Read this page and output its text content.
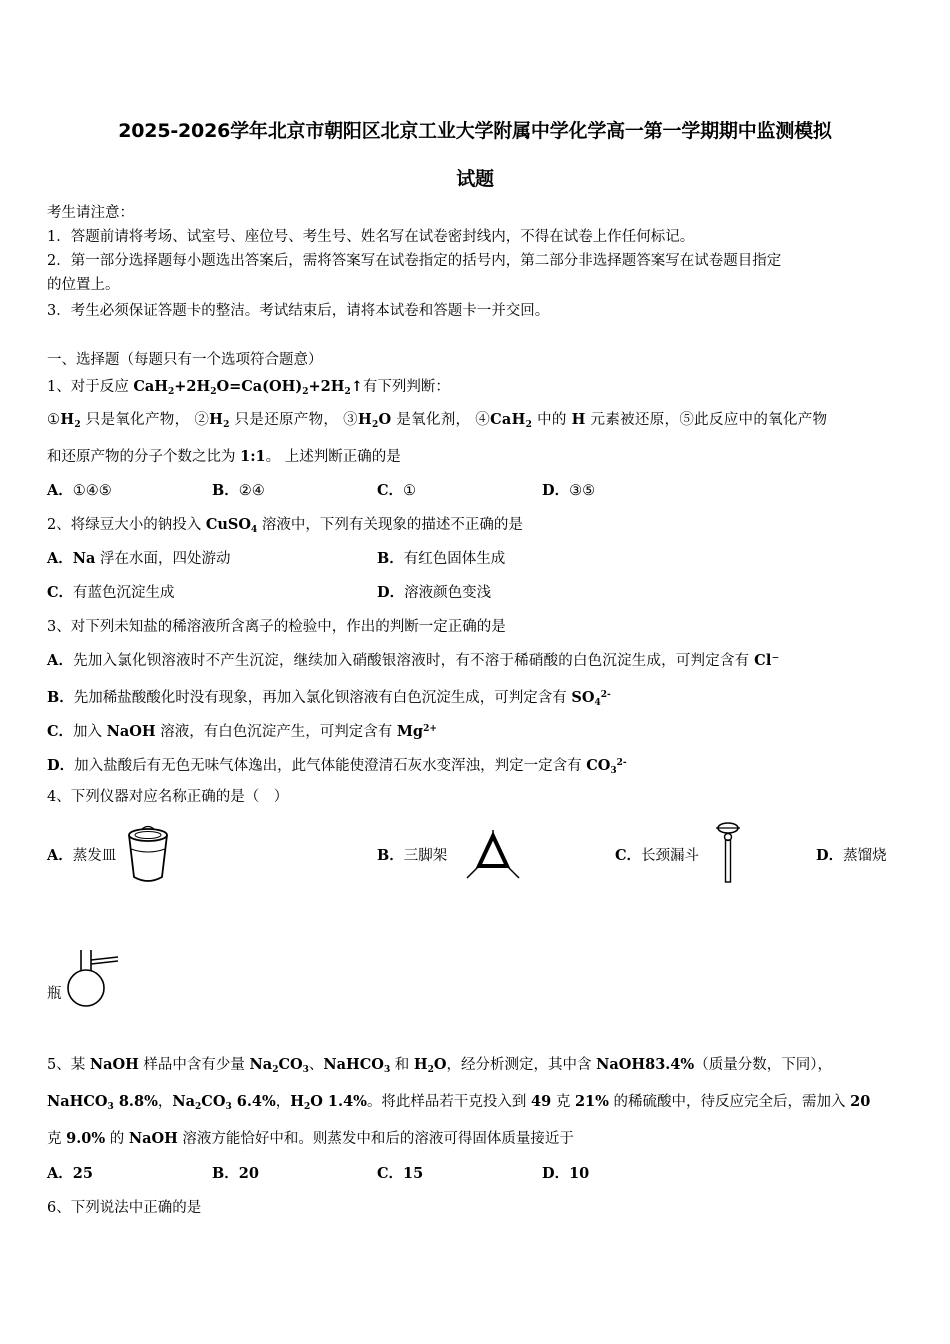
2025-2026学年北京市朝阳区北京工业大学附属中学化学高一第一学期期中监测模拟
试题
考生请注意：
1．答题前请将考场、试室号、座位号、考生号、姓名写在试卷密封线内，不得在试卷上作任何标记。
2．第一部分选择题每小题选出答案后，需将答案写在试卷指定的括号内，第二部分非选择题答案写在试卷题目指定
的位置上。
3．考生必须保证答题卡的整洁。考试结束后，请将本试卷和答题卡一并交回。
一、选择题（每题只有一个选项符合题意）
1、对于反应 $CaH_2+2H_2O=Ca(OH)_2+2H_2↑$有下列判断：
$①H_2$ 只是氧化产物， $②H_2$ 只是还原产物， $③H_2O$ 是氧化剂， ④CaH$_2$ 中的 H 元素被还原，⑤此反应中的氧化产物
和还原产物的分子个数之比为 1:1。 上述判断正确的是
A．①④⑤	B．②④	C．①	D．③⑤
2、将绿豆大小的钠投入 CuSO$_4$ 溶液中，下列有关现象的描述不正确的是
A．Na 浮在水面，四处游动	B．有红色固体生成
C．有蓝色沉淀生成	D．溶液颜色变浅
3、对下列未知盐的稀溶液所含离子的检验中，作出的判断一定正确的是
A．先加入氯化钡溶液时不产生沉淀，继续加入硝酸银溶液时，有不溶于稀硝酸的白色沉淀生成，可判定含有 Cl⁻
B．先加稀盐酸酸化时没有现象，再加入氯化钡溶液有白色沉淀生成，可判定含有 $SO_4^{2-}$
C．加入 NaOH 溶液，有白色沉淀产生，可判定含有 $Mg^{2+}$
D．加入盐酸后有无色无味气体逸出，此气体能使澄清石灰水变浑浊，判定一定含有 $CO_3^{2-}$
4、下列仪器对应名称正确的是（　）
A．蒸发皿	B．三脚架	C．长颈漏斗	D．蒸馏烧
瓶
5、某 NaOH 样品中含有少量 $Na_2CO_3$、NaHCO$_3$ 和 $H_2O$，经分析测定，其中含 NaOH83.4%（质量分数，下同），
NaHCO$_3$ 8.8%，$Na_2CO_3$ 6.4%，$H_2O$ 1.4%。将此样品若干克投入到 49 克 21% 的稀硫酸中，待反应完全后，需加入 20
克 9.0% 的 NaOH 溶液方能恰好中和。则蒸发中和后的溶液可得固体质量接近于
A．25	B．20	C．15	D．10
6、下列说法中正确的是
